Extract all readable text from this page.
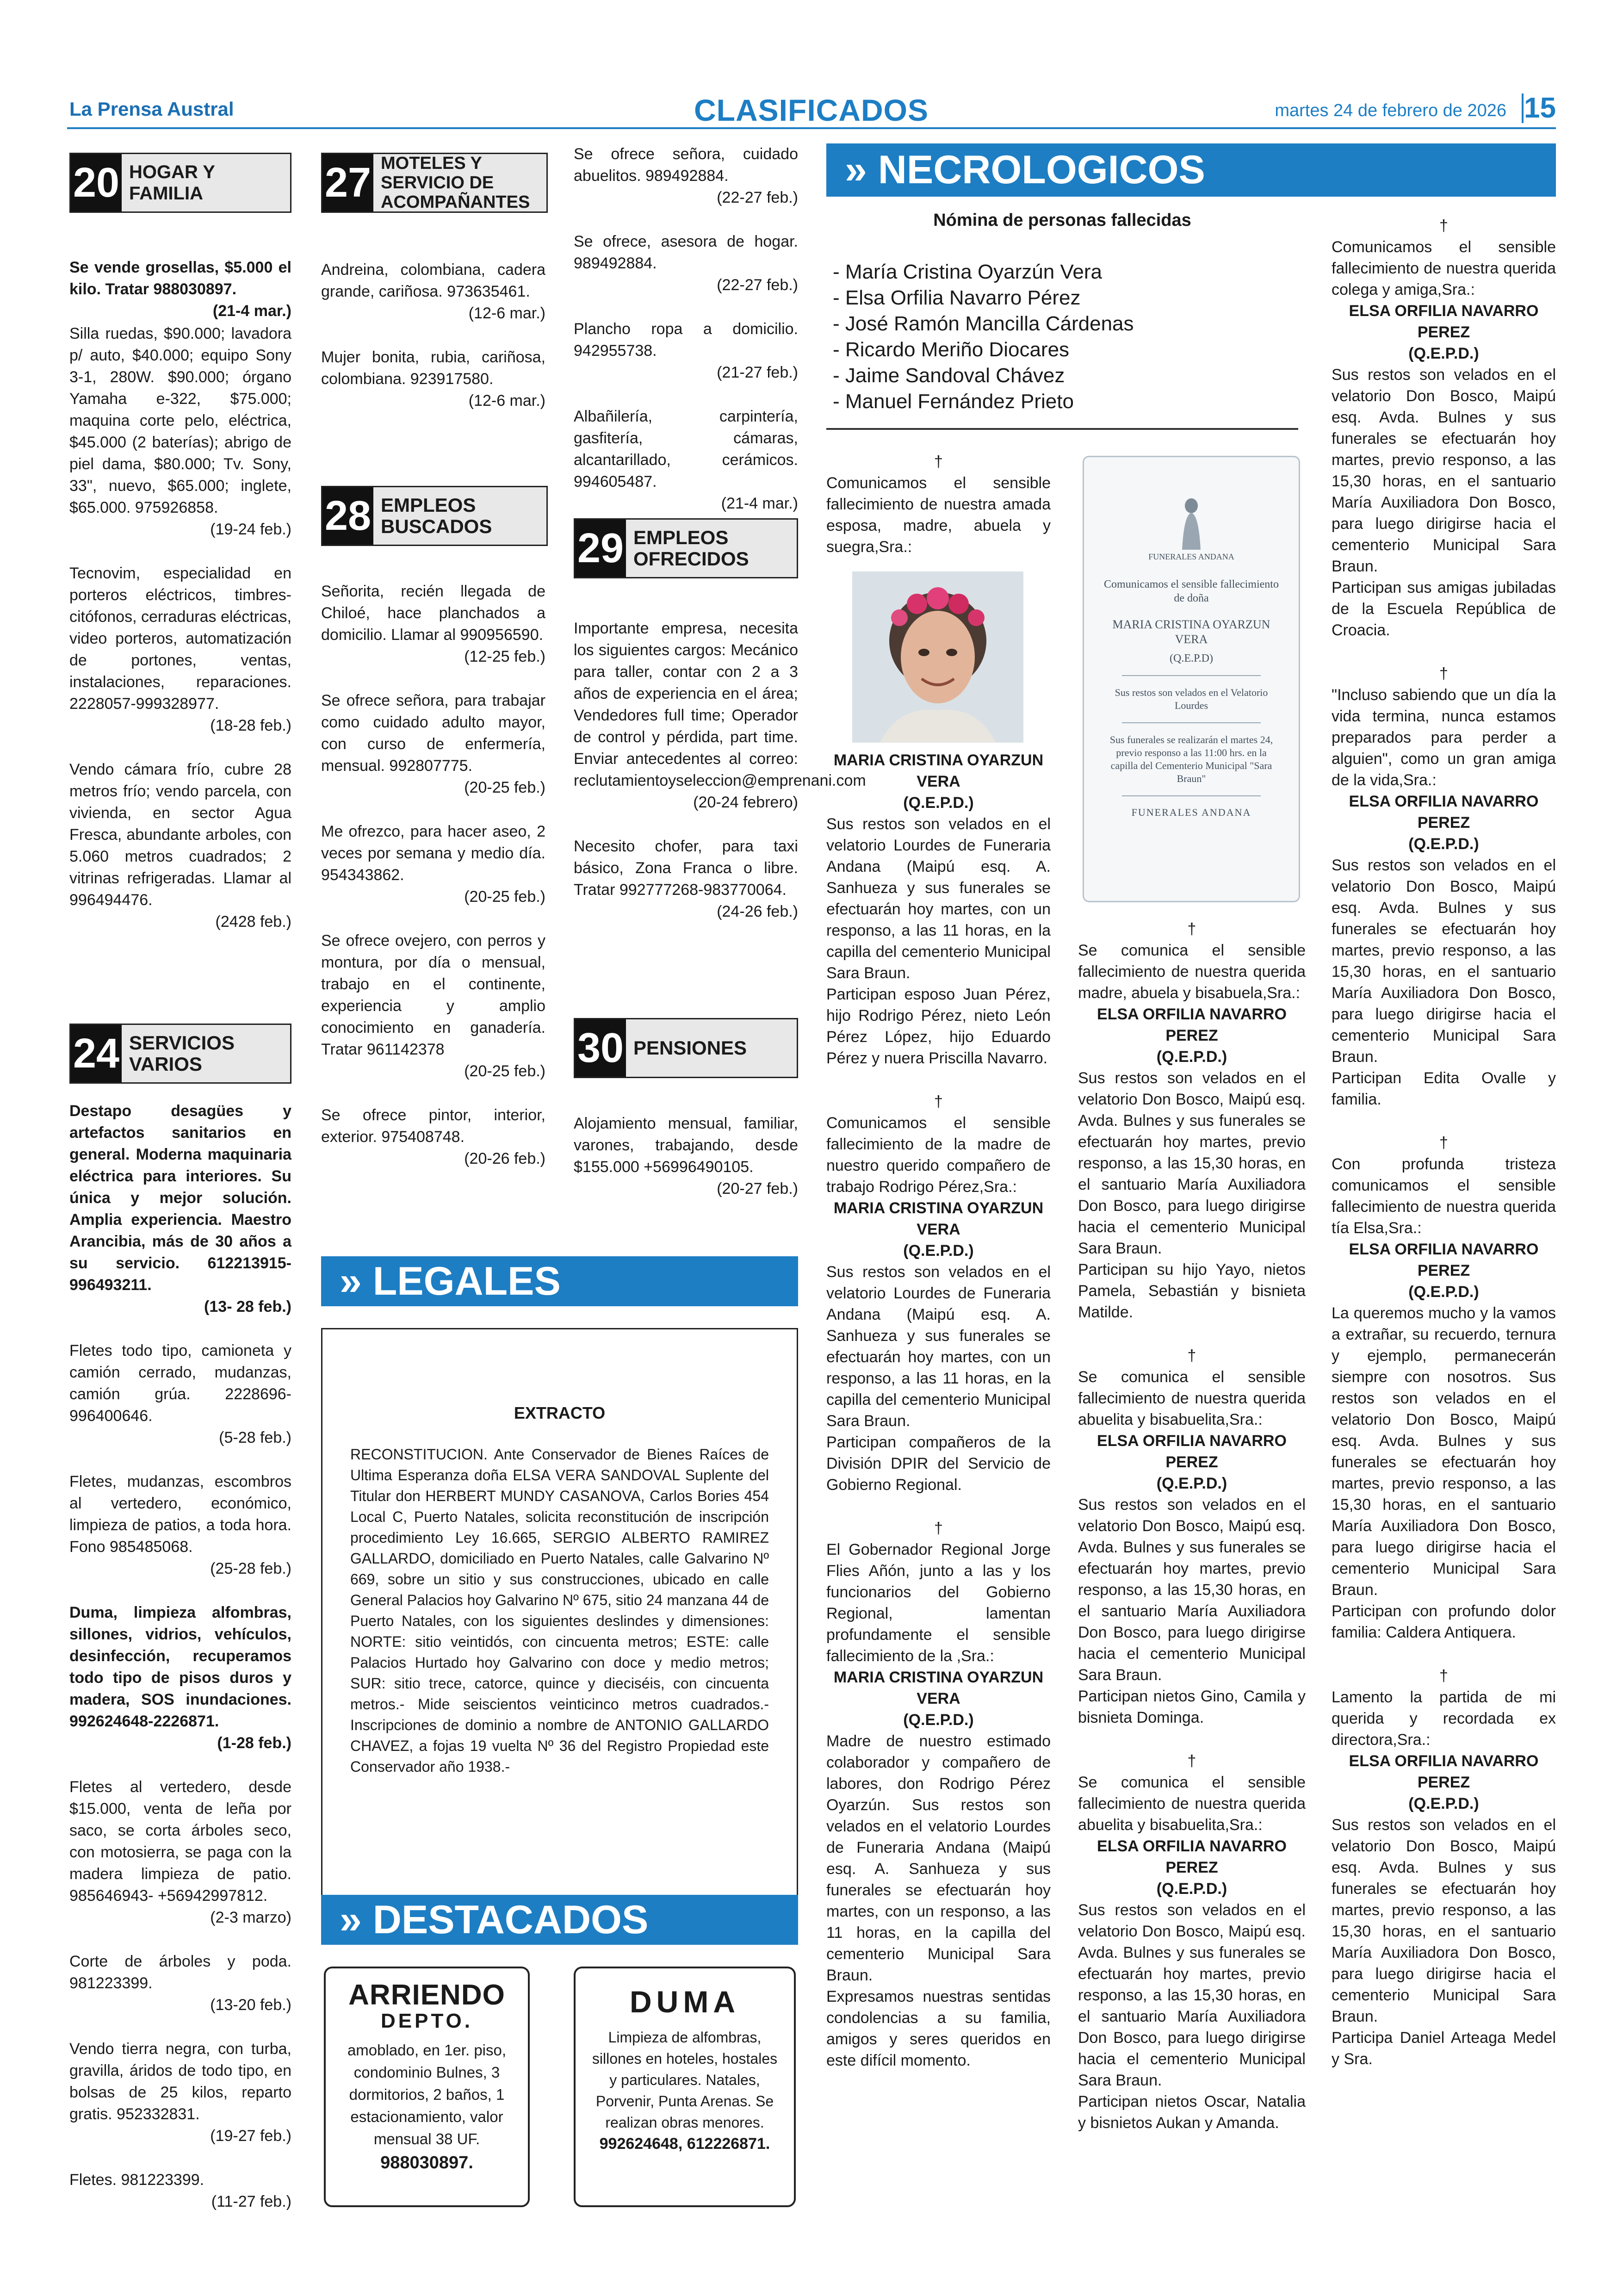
La Prensa Austral	CLASIFICADOS	martes 24 de febrero de 2026 15
20 HOGAR Y FAMILIA

Se vende grosellas, $5.000 el kilo. Tratar 988030897.
(21-4 mar.)
Silla ruedas, $90.000; lavadora p/ auto, $40.000; equipo Sony 3-1, 280W. $90.000; órgano Yamaha e-322, $75.000; maquina corte pelo, eléctrica, $45.000 (2 baterías); abrigo de piel dama, $80.000; Tv. Sony, 33", nuevo, $65.000; inglete, $65.000. 975926858.
(19-24 feb.)

Tecnovim, especialidad en porteros eléctricos, timbres- citófonos, cerraduras eléctricas, video porteros, automatización de portones, ventas, instalaciones, reparaciones. 2228057-999328977.
(18-28 feb.)

Vendo cámara frío, cubre 28 metros frío; vendo parcela, con vivienda, en sector Agua Fresca, abundante arboles, con 5.060 metros cuadrados; 2 vitrinas refrigeradas. Llamar al 996494476.
(2428 feb.)

24 SERVICIOS VARIOS

Destapo desagües y artefactos sanitarios en general. Moderna maquinaria eléctrica para interiores. Su única y mejor solución. Amplia experiencia. Maestro Arancibia, más de 30 años a su servicio. 61221391​5- 996493211.
(13- 28 feb.)

Fletes todo tipo, camioneta y camión cerrado, mudanzas, camión grúa. 2228696-996400646.
(5-28 feb.)

Fletes, mudanzas, escombros al vertedero, económico, limpieza de patios, a toda hora. Fono 985485068.
(25-28 feb.)

Duma, limpieza alfombras, sillones, vidrios, vehículos, desinfección, recuperamos todo tipo de pisos duros y madera, SOS inundaciones. 992624648-2226871.
(1-28 feb.)

Fletes al vertedero, desde $15.000, venta de leña por saco, se corta árboles seco, con motosierra, se paga con la madera limpieza de patio. 985646943- +56942997812.
(2-3 marzo)

Corte de árboles y poda. 981223399.
(13-20 feb.)

Vendo tierra negra, con turba, gravilla, áridos de todo tipo, en bolsas de 25 kilos, reparto gratis. 952332831.
(19-27 feb.)

Fletes. 981223399.
(11-27 feb.)

27 MOTELES Y SERVICIO DE ACOMPAÑANTES

Andreina, colombiana, cadera grande, cariñosa. 973635461.
(12-6 mar.)

Mujer bonita, rubia, cariñosa, colombiana. 923917580.
(12-6 mar.)

28 EMPLEOS BUSCADOS

Señorita, recién llegada de Chiloé, hace planchados a domicilio. Llamar al 990956590.
(12-25 feb.)

Se ofrece señora, para trabajar como cuidado adulto mayor, con curso de enfermería, mensual. 992807775.
(20-25 feb.)

Me ofrezco, para hacer aseo, 2 veces por semana y medio día. 954343862.
(20-25 feb.)

Se ofrece ovejero, con perros y montura, por día o mensual, trabajo en el continente, experiencia y amplio conocimiento en ganadería. Tratar 961142378
(20-25 feb.)

Se ofrece pintor, interior, exterior. 975408748.
(20-26 feb.)

Se ofrece señora, cuidado abuelitos. 989492884.
(22-27 feb.)

Se ofrece, asesora de hogar. 989492884.
(22-27 feb.)

Plancho ropa a domicilio. 942955738.
(21-27 feb.)

Albañilería, carpintería, gasfitería, cámaras, alcantarillado, cerámicos. 994605487.
(21-4 mar.)

29 EMPLEOS OFRECIDOS

Importante empresa, necesita los siguientes cargos: Mecánico para taller, contar con 2 a 3 años de experiencia en el área; Vendedores full time; Operador de control y pérdida, part time. Enviar antecedentes al correo: reclutamientoyseleccion@emprenani.com
(20-24 febrero)

Necesito chofer, para taxi básico, Zona Franca o libre. Tratar 992777268-983770064.
(24-26 feb.)

30 PENSIONES

Alojamiento mensual, familiar, varones, trabajando, desde $155.000 +56996490105.
(20-27 feb.)

» LEGALES
EXTRACTO
RECONSTITUCION. Ante Conservador de Bienes Raíces de Ultima Esperanza doña ELSA VERA SANDOVAL Suplente del Titular don HERBERT MUNDY CASANOVA, Carlos Bories 454 Local C, Puerto Natales, solicita reconstitución de inscripción procedimiento Ley 16.665, SERGIO ALBERTO RAMIREZ GALLARDO, domiciliado en Puerto Natales, calle Galvarino Nº 669, sobre un sitio y sus construcciones, ubicado en calle General Palacios hoy Galvarino Nº 675, sitio 24 manzana 44 de Puerto Natales, con los siguientes deslindes y dimensiones: NORTE: sitio veintidós, con cincuenta metros; ESTE: calle Palacios Hurtado hoy Galvarino con doce y medio metros; SUR: sitio trece, catorce, quince y dieciséis, con cincuenta metros.- Mide seiscientos veinticinco metros cuadrados.-Inscripciones de dominio a nombre de ANTONIO GALLARDO CHAVEZ, a fojas 19 vuelta Nº 36 del Registro Propiedad este Conservador año 1938.-
» DESTACADOS
ARRIENDO
DEPTO.
amoblado, en 1er. piso, condominio Bulnes, 3 dormitorios, 2 baños, 1 estacionamiento, valor mensual 38 UF.
988030897.
DUMA
Limpieza de alfombras, sillones en hoteles, hostales y particulares. Natales, Porvenir, Punta Arenas. Se realizan obras menores.
992624648, 612226871.
» NECROLOGICOS
Nómina de personas fallecidas
- María Cristina Oyarzún Vera
- Elsa Orfilia Navarro Pérez
- José Ramón Mancilla Cárdenas
- Ricardo Meriño Diocares
- Jaime Sandoval Chávez
- Manuel Fernández Prieto
†
Comunicamos el sensible fallecimiento de nuestra amada esposa, madre, abuela y suegra,Sra.:
MARIA CRISTINA OYARZUN VERA
(Q.E.P.D.)
Sus restos son velados en el velatorio Lourdes de Funeraria Andana (Maipú esq. A. Sanhueza y sus funerales se efectuarán hoy martes, con un responso, a las 11 horas, en la capilla del cementerio Municipal Sara Braun.
Participan esposo Juan Pérez, hijo Rodrigo Pérez, nieto León Pérez López, hijo Eduardo Pérez y nuera Priscilla Navarro.
†
Comunicamos el sensible fallecimiento de la madre de nuestro querido compañero de trabajo Rodrigo Pérez,Sra.:
MARIA CRISTINA OYARZUN VERA
(Q.E.P.D.)
Sus restos son velados en el velatorio Lourdes de Funeraria Andana (Maipú esq. A. Sanhueza y sus funerales se efectuarán hoy martes, con un responso, a las 11 horas, en la capilla del cementerio Municipal Sara Braun.
Participan compañeros de la División DPIR del Servicio de Gobierno Regional.
†
El Gobernador Regional Jorge Flies Añón, junto a las y los funcionarios del Gobierno Regional, lamentan profundamente el sensible fallecimiento de la ,Sra.:
MARIA CRISTINA OYARZUN VERA
(Q.E.P.D.)
Madre de nuestro estimado colaborador y compañero de labores, don Rodrigo Pérez Oyarzún. Sus restos son velados en el velatorio Lourdes de Funeraria Andana (Maipú esq. A. Sanhueza y sus funerales se efectuarán hoy martes, con un responso, a las 11 horas, en la capilla del cementerio Municipal Sara Braun.
Expresamos nuestras sentidas condolencias a su familia, amigos y seres queridos en este difícil momento.
FUNERALES ANDANA
Comunicamos el sensible fallecimiento de doña
MARIA CRISTINA OYARZUN VERA
(Q.E.P.D)
Sus restos son velados en el Velatorio Lourdes
Sus funerales se realizarán el martes 24, previo responso a las 11:00 hrs. en la capilla del Cementerio Municipal "Sara Braun"
FUNERALES ANDANA
†
Se comunica el sensible fallecimiento de nuestra querida madre, abuela y bisabuela,Sra.:
ELSA ORFILIA NAVARRO PEREZ
(Q.E.P.D.)
Sus restos son velados en el velatorio Don Bosco, Maipú esq. Avda. Bulnes y sus funerales se efectuarán hoy martes, previo responso, a las 15,30 horas, en el santuario María Auxiliadora Don Bosco, para luego dirigirse hacia el cementerio Municipal Sara Braun.
Participan su hijo Yayo, nietos Pamela, Sebastián y bisnieta Matilde.
†
Se comunica el sensible fallecimiento de nuestra querida abuelita y bisabuelita,Sra.:
ELSA ORFILIA NAVARRO PEREZ
(Q.E.P.D.)
Sus restos son velados en el velatorio Don Bosco, Maipú esq. Avda. Bulnes y sus funerales se efectuarán hoy martes, previo responso, a las 15,30 horas, en el santuario María Auxiliadora Don Bosco, para luego dirigirse hacia el cementerio Municipal Sara Braun.
Participan nietos Gino, Camila y bisnieta Dominga.
†
Se comunica el sensible fallecimiento de nuestra querida abuelita y bisabuelita,Sra.:
ELSA ORFILIA NAVARRO PEREZ
(Q.E.P.D.)
Sus restos son velados en el velatorio Don Bosco, Maipú esq. Avda. Bulnes y sus funerales se efectuarán hoy martes, previo responso, a las 15,30 horas, en el santuario María Auxiliadora Don Bosco, para luego dirigirse hacia el cementerio Municipal Sara Braun.
Participan nietos Oscar, Natalia y bisnietos Aukan y Amanda.
†
Comunicamos el sensible fallecimiento de nuestra querida colega y amiga,Sra.:
ELSA ORFILIA NAVARRO PEREZ
(Q.E.P.D.)
Sus restos son velados en el velatorio Don Bosco, Maipú esq. Avda. Bulnes y sus funerales se efectuarán hoy martes, previo responso, a las 15,30 horas, en el santuario María Auxiliadora Don Bosco, para luego dirigirse hacia el cementerio Municipal Sara Braun.
Participan sus amigas jubiladas de la Escuela República de Croacia.
†
"Incluso sabiendo que un día la vida termina, nunca estamos preparados para perder a alguien", como un gran amiga de la vida,Sra.:
ELSA ORFILIA NAVARRO PEREZ
(Q.E.P.D.)
Sus restos son velados en el velatorio Don Bosco, Maipú esq. Avda. Bulnes y sus funerales se efectuarán hoy martes, previo responso, a las 15,30 horas, en el santuario María Auxiliadora Don Bosco, para luego dirigirse hacia el cementerio Municipal Sara Braun.
Participan Edita Ovalle y familia.
†
Con profunda tristeza comunicamos el sensible fallecimiento de nuestra querida tía Elsa,Sra.:
ELSA ORFILIA NAVARRO PEREZ
(Q.E.P.D.)
La queremos mucho y la vamos a extrañar, su recuerdo, ternura y ejemplo, permanecerán siempre con nosotros. Sus restos son velados en el velatorio Don Bosco, Maipú esq. Avda. Bulnes y sus funerales se efectuarán hoy martes, previo responso, a las 15,30 horas, en el santuario María Auxiliadora Don Bosco, para luego dirigirse hacia el cementerio Municipal Sara Braun.
Participan con profundo dolor familia: Caldera Antiquera.
†
Lamento la partida de mi querida y recordada ex directora,Sra.:
ELSA ORFILIA NAVARRO PEREZ
(Q.E.P.D.)
Sus restos son velados en el velatorio Don Bosco, Maipú esq. Avda. Bulnes y sus funerales se efectuarán hoy martes, previo responso, a las 15,30 horas, en el santuario María Auxiliadora Don Bosco, para luego dirigirse hacia el cementerio Municipal Sara Braun.
Participa Daniel Arteaga Medel y Sra.
